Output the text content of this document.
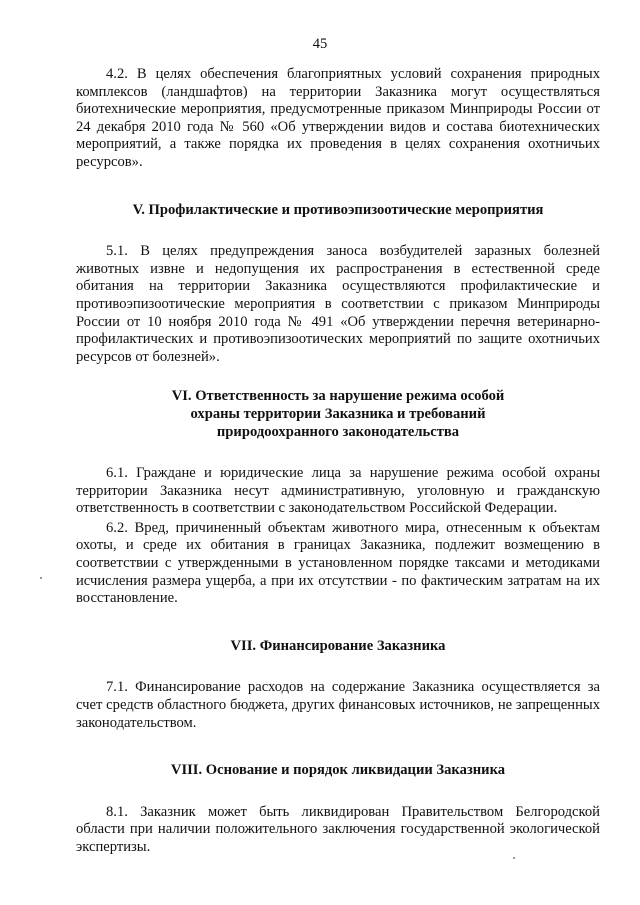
45

4.2. В целях обеспечения благоприятных условий сохранения природных комплексов (ландшафтов) на территории Заказника могут осуществляться биотехнические мероприятия, предусмотренные приказом Минприроды России от 24 декабря 2010 года № 560 «Об утверждении видов и состава биотехнических мероприятий, а также порядка их проведения в целях сохранения охотничьих ресурсов».

V. Профилактические и противоэпизоотические мероприятия

5.1. В целях предупреждения заноса возбудителей заразных болезней животных извне и недопущения их распространения в естественной среде обитания на территории Заказника осуществляются профилактические и противоэпизоотические мероприятия в соответствии с приказом Минприроды России от 10 ноября 2010 года № 491 «Об утверждении перечня ветеринарно-профилактических и противоэпизоотических мероприятий по защите охотничьих ресурсов от болезней».

VI. Ответственность за нарушение режима особой охраны территории Заказника и требований природоохранного законодательства

6.1. Граждане и юридические лица за нарушение режима особой охраны территории Заказника несут административную, уголовную и гражданскую ответственность в соответствии с законодательством Российской Федерации.

6.2. Вред, причиненный объектам животного мира, отнесенным к объектам охоты, и среде их обитания в границах Заказника, подлежит возмещению в соответствии с утвержденными в установленном порядке таксами и методиками исчисления размера ущерба, а при их отсутствии - по фактическим затратам на их восстановление.

VII. Финансирование Заказника

7.1. Финансирование расходов на содержание Заказника осуществляется за счет средств областного бюджета, других финансовых источников, не запрещенных законодательством.

VIII. Основание и порядок ликвидации Заказника

8.1. Заказник может быть ликвидирован Правительством Белгородской области при наличии положительного заключения государственной экологической экспертизы.
